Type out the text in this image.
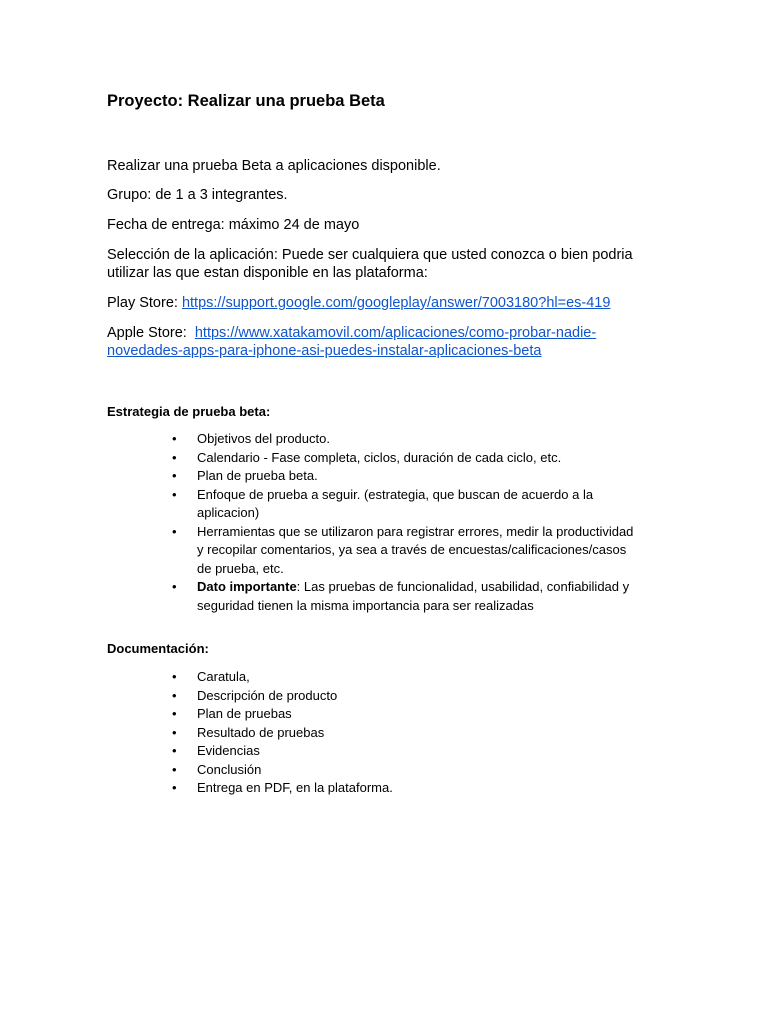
Proyecto: Realizar una prueba Beta

Realizar una prueba Beta a aplicaciones disponible.

Grupo: de 1 a 3 integrantes.

Fecha de entrega: máximo 24 de mayo

Selección de la aplicación: Puede ser cualquiera que usted conozca o bien podria
utilizar las que estan disponible en las plataforma:

Play Store: https://support.google.com/googleplay/answer/7003180?hl=es-419

Apple Store:  https://www.xatakamovil.com/aplicaciones/como-probar-nadie-
novedades-apps-para-iphone-asi-puedes-instalar-aplicaciones-beta

Estrategia de prueba beta:
• Objetivos del producto.
• Calendario - Fase completa, ciclos, duración de cada ciclo, etc.
• Plan de prueba beta.
• Enfoque de prueba a seguir. (estrategia, que buscan de acuerdo a la
aplicacion)
• Herramientas que se utilizaron para registrar errores, medir la productividad
y recopilar comentarios, ya sea a través de encuestas/calificaciones/casos
de prueba, etc.
• Dato importante: Las pruebas de funcionalidad, usabilidad, confiabilidad y
seguridad tienen la misma importancia para ser realizadas
Documentación:
• Caratula,
• Descripción de producto
• Plan de pruebas
• Resultado de pruebas
• Evidencias
• Conclusión
• Entrega en PDF, en la plataforma.
